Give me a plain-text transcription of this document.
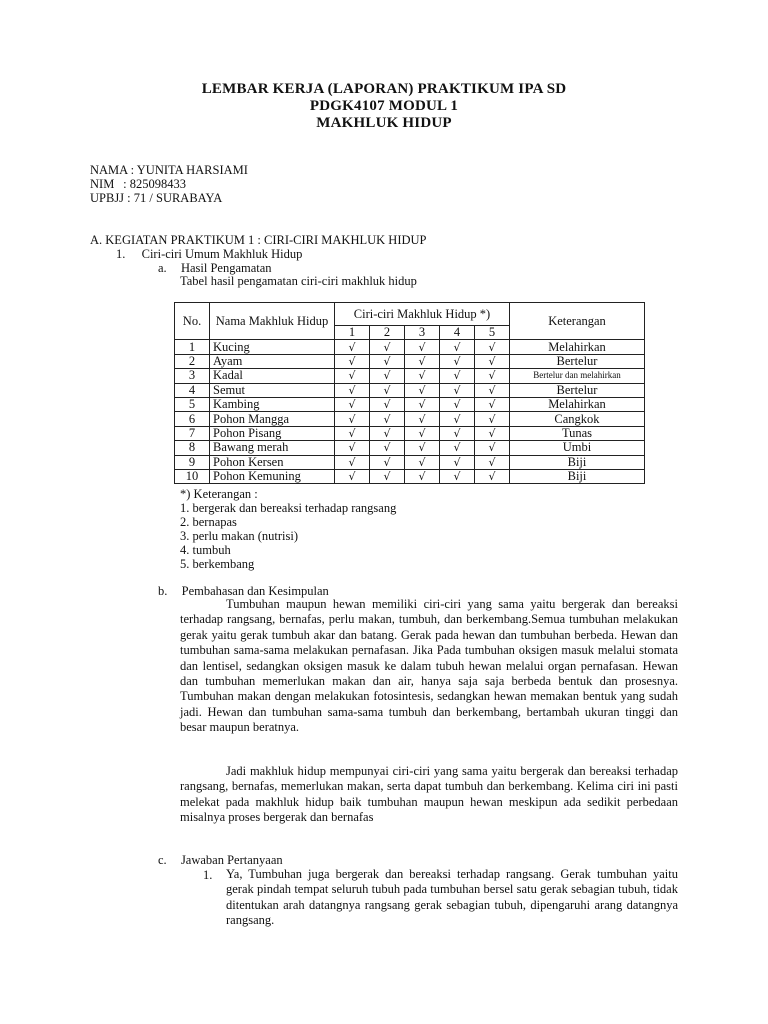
LEMBAR KERJA (LAPORAN) PRAKTIKUM IPA SD
PDGK4107 MODUL 1
MAKHLUK HIDUP
NAMA : YUNITA HARSIAMI
NIM : 825098433
UPBJJ : 71 / SURABAYA
A. KEGIATAN PRAKTIKUM 1 : CIRI-CIRI MAKHLUK HIDUP
1. Ciri-ciri Umum Makhluk Hidup
a. Hasil Pengamatan
Tabel hasil pengamatan ciri-ciri makhluk hidup
No.	Nama Makhluk Hidup	Ciri-ciri Makhluk Hidup *)					Keterangan
		1	2	3	4	5	
1	Kucing	√	√	√	√	√	Melahirkan
2	Ayam	√	√	√	√	√	Bertelur
3	Kadal	√	√	√	√	√	Bertelur dan melahirkan
4	Semut	√	√	√	√	√	Bertelur
5	Kambing	√	√	√	√	√	Melahirkan
6	Pohon Mangga	√	√	√	√	√	Cangkok
7	Pohon Pisang	√	√	√	√	√	Tunas
8	Bawang merah	√	√	√	√	√	Umbi
9	Pohon Kersen	√	√	√	√	√	Biji
10	Pohon Kemuning	√	√	√	√	√	Biji
*) Keterangan :
1. bergerak dan bereaksi terhadap rangsang
2. bernapas
3. perlu makan (nutrisi)
4. tumbuh
5. berkembang
b. Pembahasan dan Kesimpulan

Tumbuhan maupun hewan memiliki ciri-ciri yang sama yaitu bergerak dan bereaksi terhadap rangsang, bernafas, perlu makan, tumbuh, dan berkembang.Semua tumbuhan melakukan gerak yaitu gerak tumbuh akar dan batang. Gerak pada hewan dan tumbuhan berbeda. Hewan dan tumbuhan sama-sama melakukan pernafasan. Jika Pada tumbuhan oksigen masuk melalui stomata dan lentisel, sedangkan oksigen masuk ke dalam tubuh hewan melalui organ pernafasan. Hewan dan tumbuhan memerlukan makan dan air, hanya saja saja berbeda bentuk dan prosesnya. Tumbuhan makan dengan melakukan fotosintesis, sedangkan hewan memakan bentuk yang sudah jadi. Hewan dan tumbuhan sama-sama tumbuh dan berkembang, bertambah ukuran tinggi dan besar maupun beratnya.

Jadi makhluk hidup mempunyai ciri-ciri yang sama yaitu bergerak dan bereaksi terhadap rangsang, bernafas, memerlukan makan, serta dapat tumbuh dan berkembang. Kelima ciri ini pasti melekat pada makhluk hidup baik tumbuhan maupun hewan meskipun ada sedikit perbedaan misalnya proses bergerak dan bernafas

c. Jawaban Pertanyaan
1. Ya, Tumbuhan juga bergerak dan bereaksi terhadap rangsang. Gerak tumbuhan yaitu gerak pindah tempat seluruh tubuh pada tumbuhan bersel satu gerak sebagian tubuh, tidak ditentukan arah datangnya rangsang gerak sebagian tubuh, dipengaruhi arang datangnya rangsang.
